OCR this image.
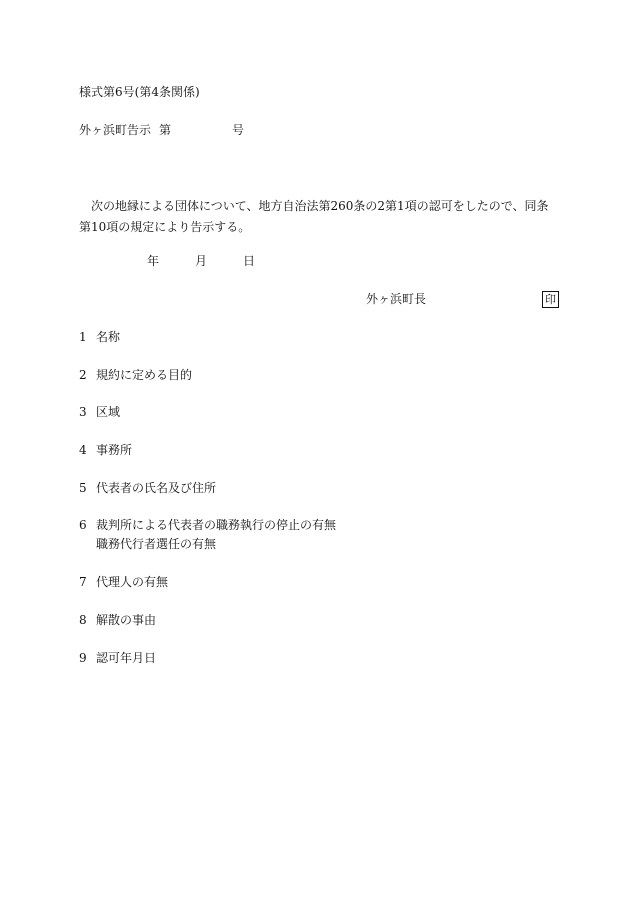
様式第6号(第4条関係)
外ヶ浜町告示 第	号
次の地縁による団体について、地方自治法第260条の2第1項の認可をしたので、同条第10項の規定により告示する。
年	月	日
外ヶ浜町長	印
1 名称
2 規約に定める目的
3 区域
4 事務所
5 代表者の氏名及び住所
6 裁判所による代表者の職務執行の停止の有無
職務代行者選任の有無
7 代理人の有無
8 解散の事由
9 認可年月日
